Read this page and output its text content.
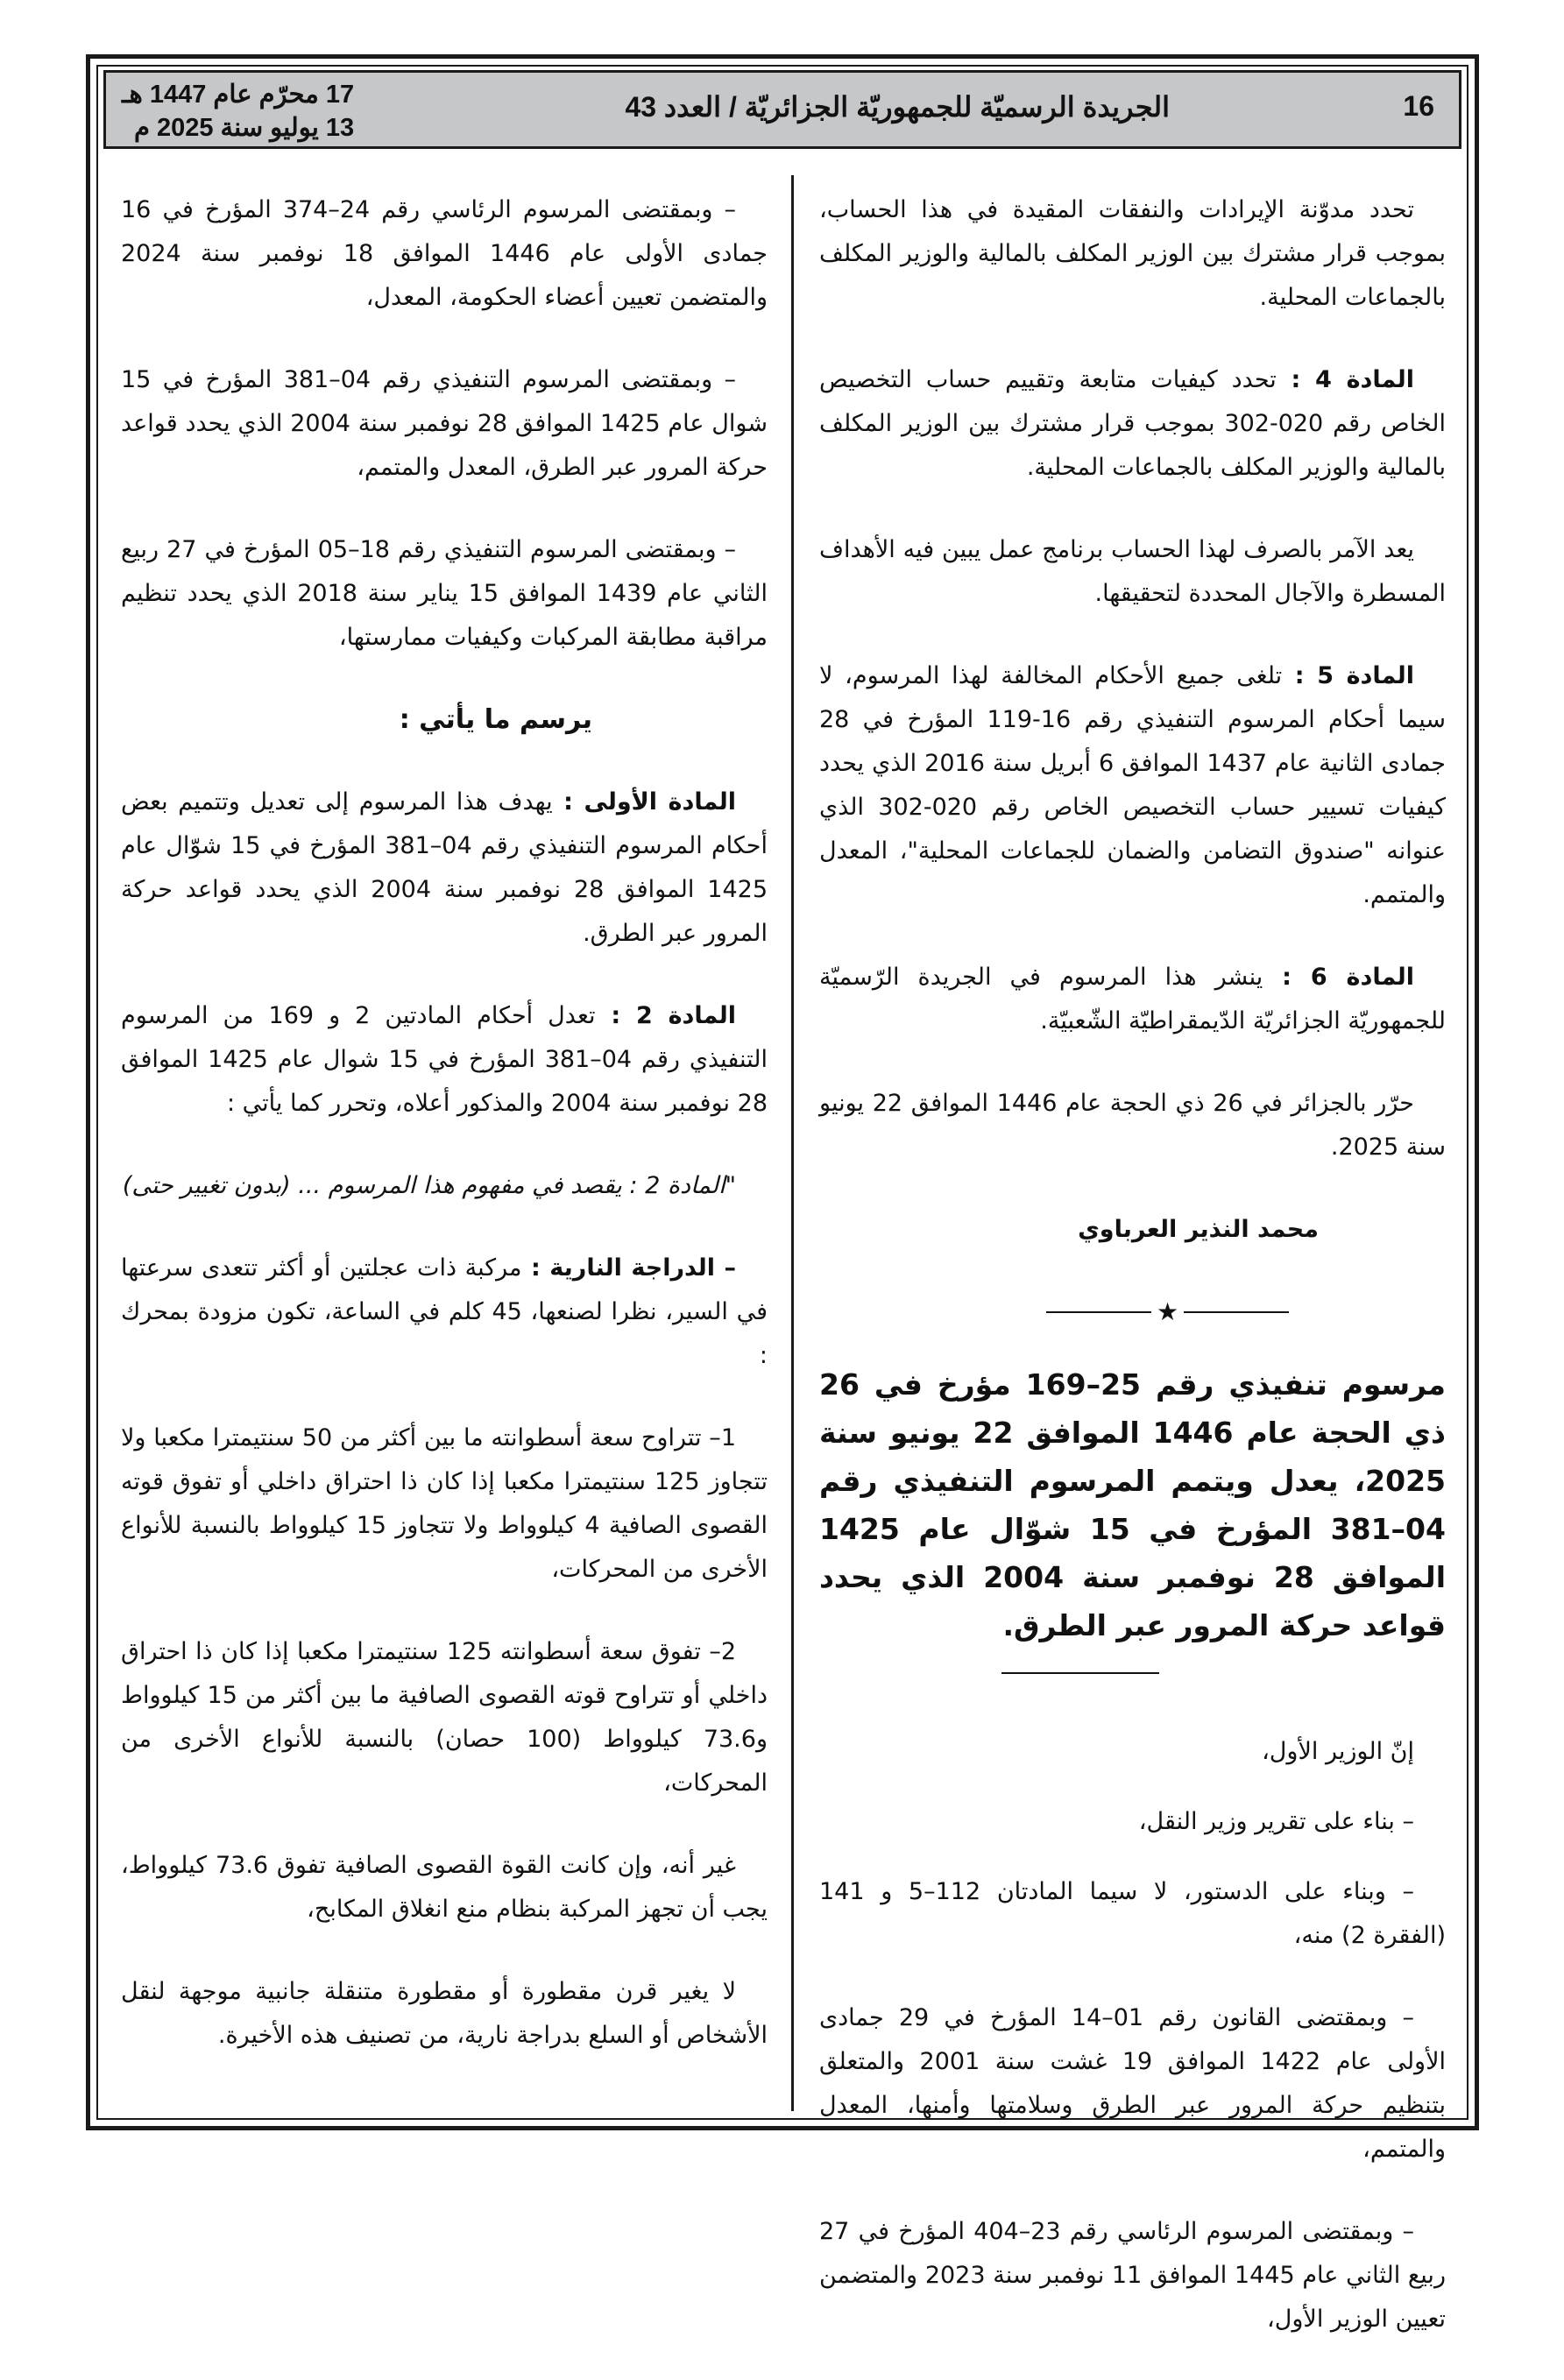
16
الجريدة الرسميّة للجمهوريّة الجزائريّة / العدد 43
17 محرّم عام 1447 هـ
13 يوليو سنة 2025 م

تحدد مدوّنة الإيرادات والنفقات المقيدة في هذا الحساب، بموجب قرار مشترك بين الوزير المكلف بالمالية والوزير المكلف بالجماعات المحلية.

المادة 4 : تحدد كيفيات متابعة وتقييم حساب التخصيص الخاص رقم 020-302 بموجب قرار مشترك بين الوزير المكلف بالمالية والوزير المكلف بالجماعات المحلية.

يعد الآمر بالصرف لهذا الحساب برنامج عمل يبين فيه الأهداف المسطرة والآجال المحددة لتحقيقها.

المادة 5 : تلغى جميع الأحكام المخالفة لهذا المرسوم، لا سيما أحكام المرسوم التنفيذي رقم 16-119 المؤرخ في 28 جمادى الثانية عام 1437 الموافق 6 أبريل سنة 2016 الذي يحدد كيفيات تسيير حساب التخصيص الخاص رقم 020-302 الذي عنوانه "صندوق التضامن والضمان للجماعات المحلية"، المعدل والمتمم.

المادة 6 : ينشر هذا المرسوم في الجريدة الرّسميّة للجمهوريّة الجزائريّة الدّيمقراطيّة الشّعبيّة.

حرّر بالجزائر في 26 ذي الحجة عام 1446 الموافق 22 يونيو سنة 2025.

محمد النذير العرباوي

★

مرسوم تنفيذي رقم 25–169 مؤرخ في 26 ذي الحجة عام 1446 الموافق 22 يونيو سنة 2025، يعدل ويتمم المرسوم التنفيذي رقم 04–381 المؤرخ في 15 شوّال عام 1425 الموافق 28 نوفمبر سنة 2004 الذي يحدد قواعد حركة المرور عبر الطرق.

إنّ الوزير الأول،

– بناء على تقرير وزير النقل،

– وبناء على الدستور، لا سيما المادتان 112–5 و 141 (الفقرة 2) منه،

– وبمقتضى القانون رقم 01–14 المؤرخ في 29 جمادى الأولى عام 1422 الموافق 19 غشت سنة 2001 والمتعلق بتنظيم حركة المرور عبر الطرق وسلامتها وأمنها، المعدل والمتمم،

– وبمقتضى المرسوم الرئاسي رقم 23–404 المؤرخ في 27 ربيع الثاني عام 1445 الموافق 11 نوفمبر سنة 2023 والمتضمن تعيين الوزير الأول،

– وبمقتضى المرسوم الرئاسي رقم 24–374 المؤرخ في 16 جمادى الأولى عام 1446 الموافق 18 نوفمبر سنة 2024 والمتضمن تعيين أعضاء الحكومة، المعدل،

– وبمقتضى المرسوم التنفيذي رقم 04–381 المؤرخ في 15 شوال عام 1425 الموافق 28 نوفمبر سنة 2004 الذي يحدد قواعد حركة المرور عبر الطرق، المعدل والمتمم،

– وبمقتضى المرسوم التنفيذي رقم 18–05 المؤرخ في 27 ربيع الثاني عام 1439 الموافق 15 يناير سنة 2018 الذي يحدد تنظيم مراقبة مطابقة المركبات وكيفيات ممارستها،

يرسم ما يأتي :

المادة الأولى : يهدف هذا المرسوم إلى تعديل وتتميم بعض أحكام المرسوم التنفيذي رقم 04–381 المؤرخ في 15 شوّال عام 1425 الموافق 28 نوفمبر سنة 2004 الذي يحدد قواعد حركة المرور عبر الطرق.

المادة 2 : تعدل أحكام المادتين 2 و 169 من المرسوم التنفيذي رقم 04–381 المؤرخ في 15 شوال عام 1425 الموافق 28 نوفمبر سنة 2004 والمذكور أعلاه، وتحرر كما يأتي :

"المادة 2 : يقصد في مفهوم هذا المرسوم ... (بدون تغيير حتى)

– الدراجة النارية : مركبة ذات عجلتين أو أكثر تتعدى سرعتها في السير، نظرا لصنعها، 45 كلم في الساعة، تكون مزودة بمحرك :

1– تتراوح سعة أسطوانته ما بين أكثر من 50 سنتيمترا مكعبا ولا تتجاوز 125 سنتيمترا مكعبا إذا كان ذا احتراق داخلي أو تفوق قوته القصوى الصافية 4 كيلوواط ولا تتجاوز 15 كيلوواط بالنسبة للأنواع الأخرى من المحركات،

2– تفوق سعة أسطوانته 125 سنتيمترا مكعبا إذا كان ذا احتراق داخلي أو تتراوح قوته القصوى الصافية ما بين أكثر من 15 كيلوواط و73.6 كيلوواط (100 حصان) بالنسبة للأنواع الأخرى من المحركات،

غير أنه، وإن كانت القوة القصوى الصافية تفوق 73.6 كيلوواط، يجب أن تجهز المركبة بنظام منع انغلاق المكابح،

لا يغير قرن مقطورة أو مقطورة متنقلة جانبية موجهة لنقل الأشخاص أو السلع بدراجة نارية، من تصنيف هذه الأخيرة.
